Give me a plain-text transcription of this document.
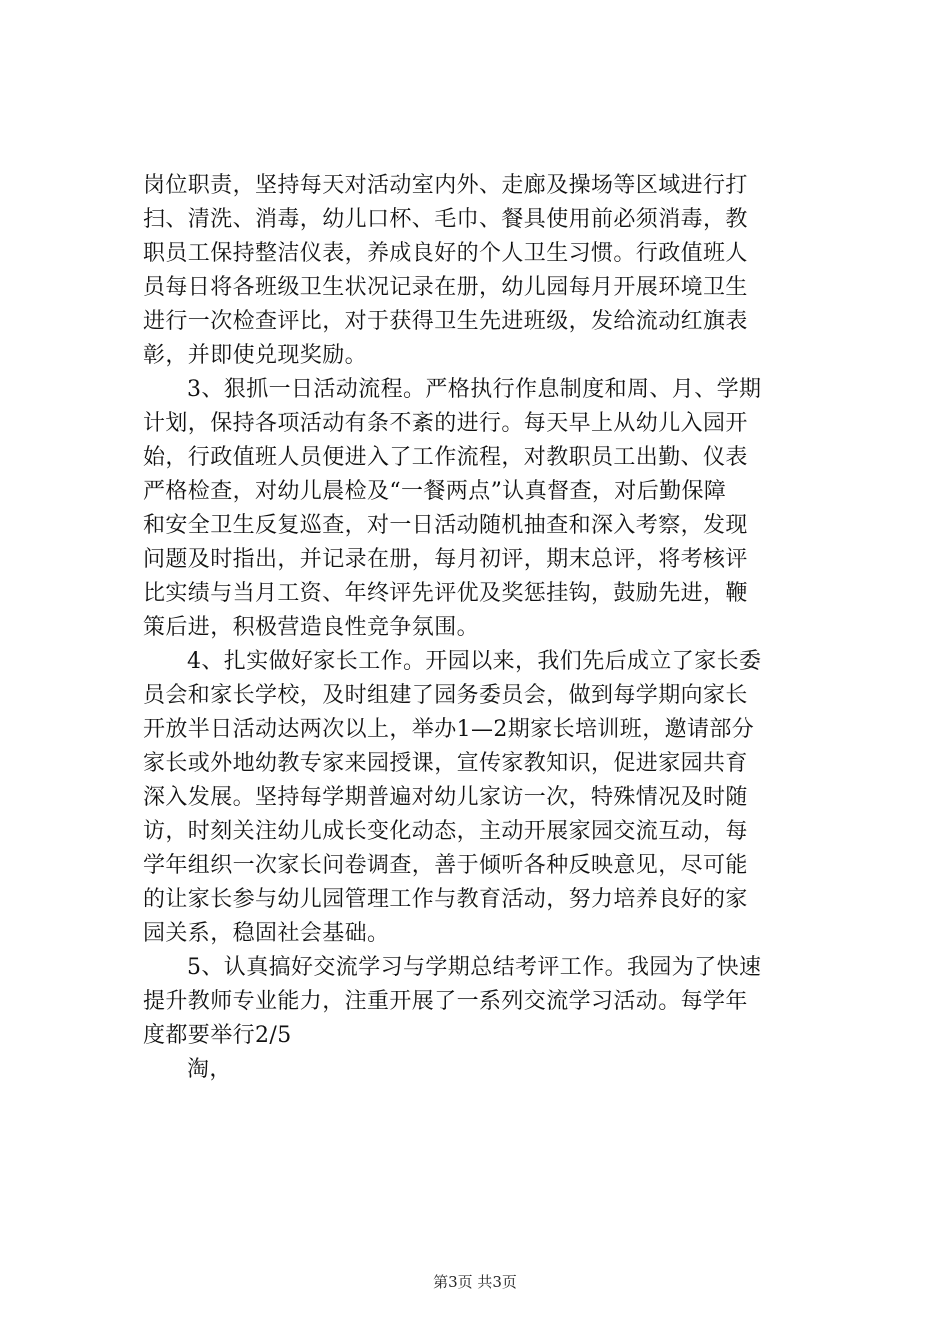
岗位职责，坚持每天对活动室内外、走廊及操场等区域进行打
扫、清洗、消毒，幼儿口杯、毛巾、餐具使用前必须消毒，教
职员工保持整洁仪表，养成良好的个人卫生习惯。行政值班人
员每日将各班级卫生状况记录在册，幼儿园每月开展环境卫生
进行一次检查评比，对于获得卫生先进班级，发给流动红旗表
彰，并即使兑现奖励。
3、狠抓一日活动流程。严格执行作息制度和周、月、学期
计划，保持各项活动有条不紊的进行。每天早上从幼儿入园开
始，行政值班人员便进入了工作流程，对教职员工出勤、仪表
严格检查，对幼儿晨检及“一餐两点”认真督查，对后勤保障
和安全卫生反复巡查，对一日活动随机抽查和深入考察，发现
问题及时指出，并记录在册，每月初评，期末总评，将考核评
比实绩与当月工资、年终评先评优及奖惩挂钩，鼓励先进，鞭
策后进，积极营造良性竞争氛围。
4、扎实做好家长工作。开园以来，我们先后成立了家长委
员会和家长学校，及时组建了园务委员会，做到每学期向家长
开放半日活动达两次以上，举办1—2期家长培训班，邀请部分
家长或外地幼教专家来园授课，宣传家教知识，促进家园共育
深入发展。坚持每学期普遍对幼儿家访一次，特殊情况及时随
访，时刻关注幼儿成长变化动态，主动开展家园交流互动，每
学年组织一次家长问卷调查，善于倾听各种反映意见，尽可能
的让家长参与幼儿园管理工作与教育活动，努力培养良好的家
园关系，稳固社会基础。
5、认真搞好交流学习与学期总结考评工作。我园为了快速
提升教师专业能力，注重开展了一系列交流学习活动。每学年
度都要举行2/5
淘，
第3页 共3页
